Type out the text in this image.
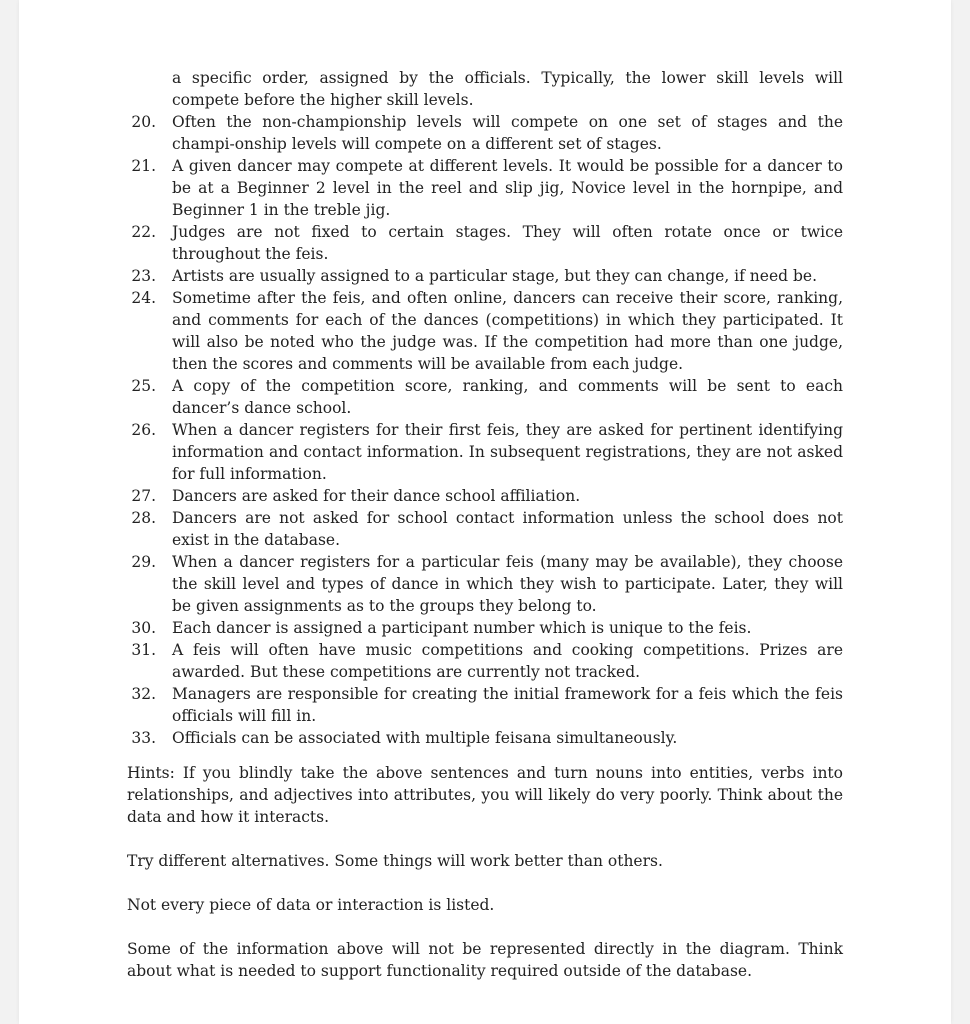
a specific order, assigned by the officials. Typically, the lower skill levels will compete before the higher skill levels.
20. Often the non-championship levels will compete on one set of stages and the champi-onship levels will compete on a different set of stages.
21. A given dancer may compete at different levels. It would be possible for a dancer to be at a Beginner 2 level in the reel and slip jig, Novice level in the hornpipe, and Beginner 1 in the treble jig.
22. Judges are not fixed to certain stages. They will often rotate once or twice throughout the feis.
23. Artists are usually assigned to a particular stage, but they can change, if need be.
24. Sometime after the feis, and often online, dancers can receive their score, ranking, and comments for each of the dances (competitions) in which they participated. It will also be noted who the judge was. If the competition had more than one judge, then the scores and comments will be available from each judge.
25. A copy of the competition score, ranking, and comments will be sent to each dancer’s dance school.
26. When a dancer registers for their first feis, they are asked for pertinent identifying information and contact information. In subsequent registrations, they are not asked for full information.
27. Dancers are asked for their dance school affiliation.
28. Dancers are not asked for school contact information unless the school does not exist in the database.
29. When a dancer registers for a particular feis (many may be available), they choose the skill level and types of dance in which they wish to participate. Later, they will be given assignments as to the groups they belong to.
30. Each dancer is assigned a participant number which is unique to the feis.
31. A feis will often have music competitions and cooking competitions. Prizes are awarded. But these competitions are currently not tracked.
32. Managers are responsible for creating the initial framework for a feis which the feis officials will fill in.
33. Officials can be associated with multiple feisana simultaneously.
Hints: If you blindly take the above sentences and turn nouns into entities, verbs into relationships, and adjectives into attributes, you will likely do very poorly. Think about the data and how it interacts.
Try different alternatives. Some things will work better than others.
Not every piece of data or interaction is listed.
Some of the information above will not be represented directly in the diagram. Think about what is needed to support functionality required outside of the database.
